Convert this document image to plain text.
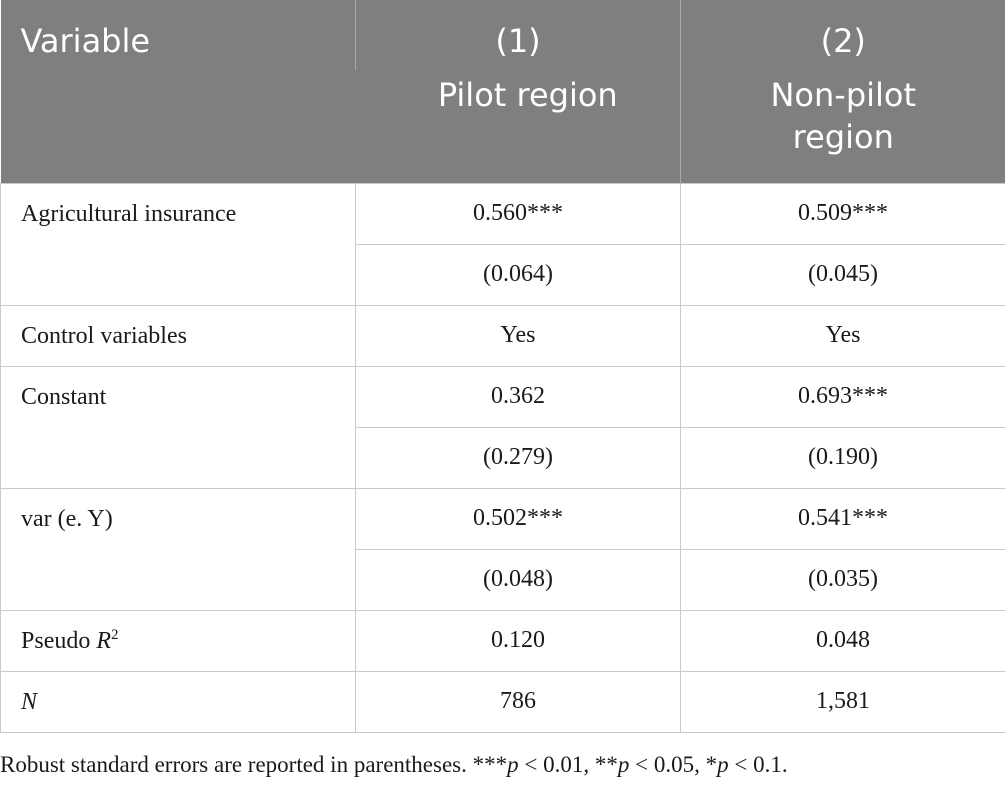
Variable	(1)	(2)
	Pilot region	Non-pilot
region
Agricultural insurance	0.560***	0.509***
	(0.064)	(0.045)
Control variables	Yes	Yes
Constant	0.362	0.693***
	(0.279)	(0.190)
var (e. Y)	0.502***	0.541***
	(0.048)	(0.035)
Pseudo $R^2$	0.120	0.048
N	786	1,581
Robust standard errors are reported in parentheses. ***p < 0.01, **p < 0.05, *p < 0.1.
